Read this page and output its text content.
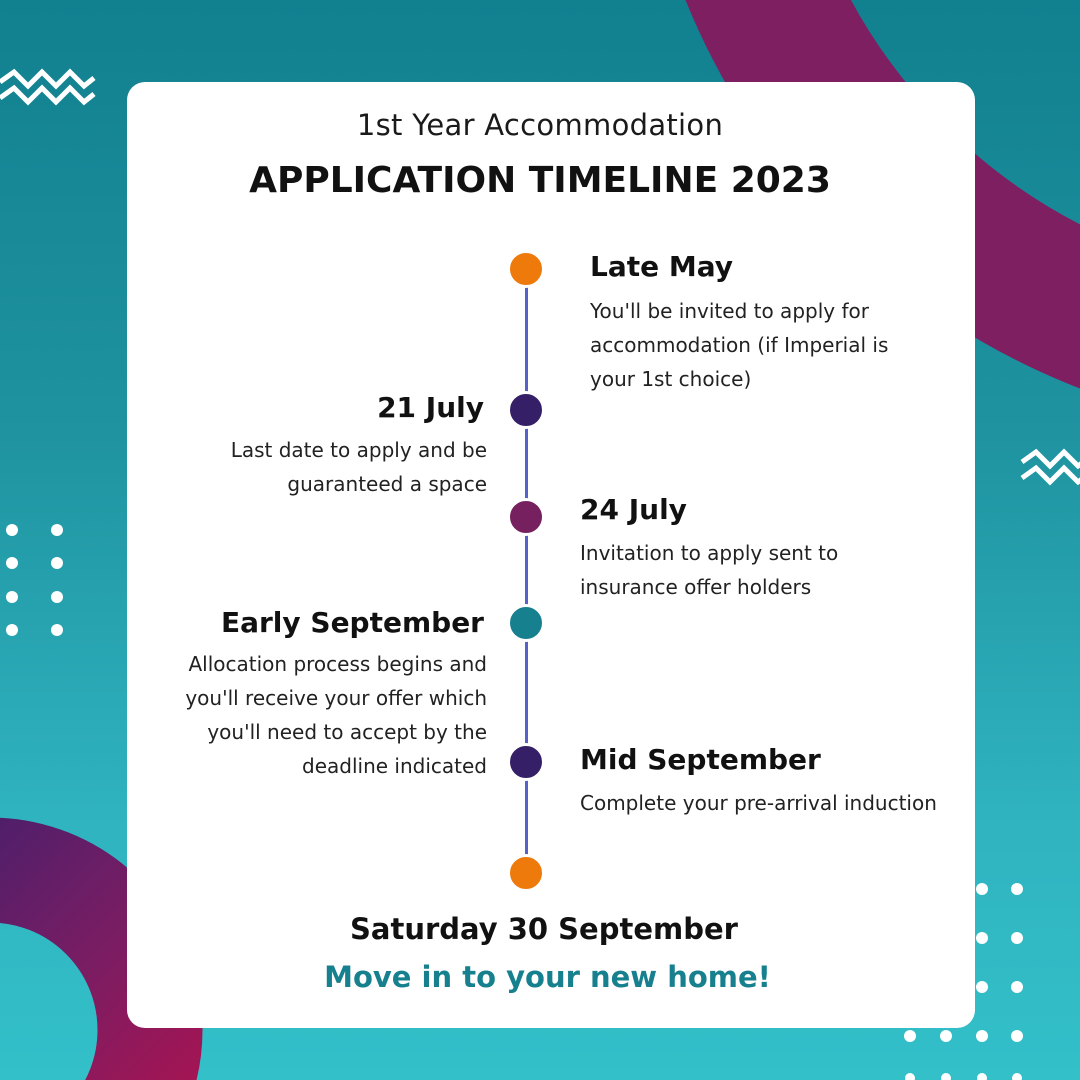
1st Year Accommodation
APPLICATION TIMELINE 2023
Late May
You'll be invited to apply for accommodation (if Imperial is your 1st choice)
21 July
Last date to apply and be guaranteed a space
24 July
Invitation to apply sent to insurance offer holders
Early September
Allocation process begins and you'll receive your offer which you'll need to accept by the deadline indicated	Mid September
Complete your pre-arrival induction
Saturday 30 September
Move in to your new home!
